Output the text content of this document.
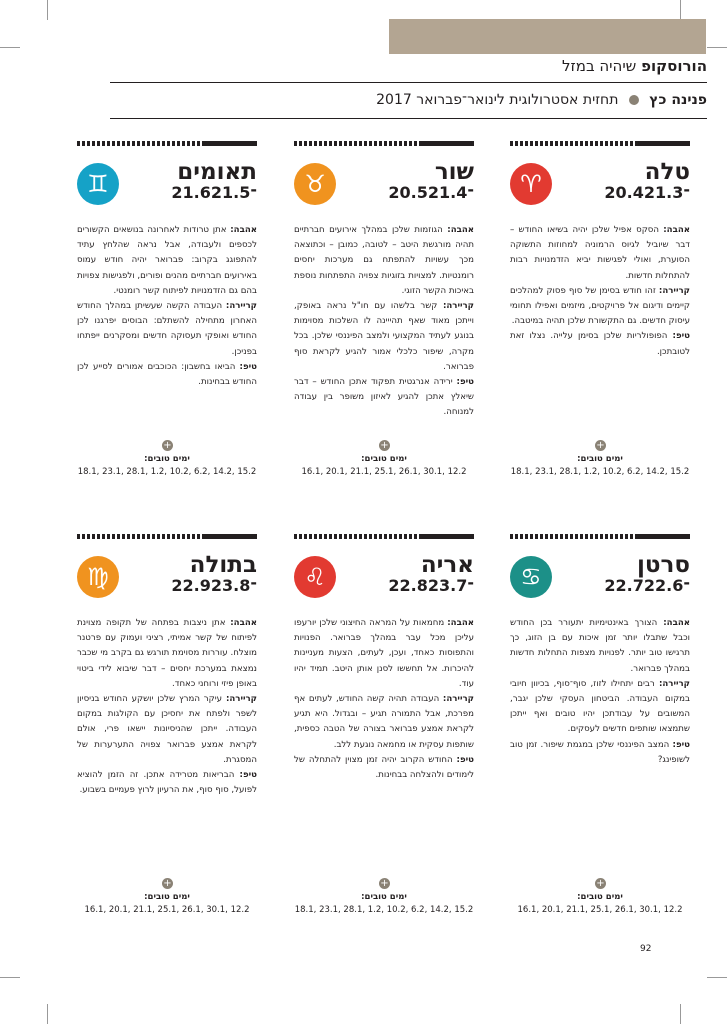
הורוסקופ שיהיה במזל
פנינה כץ  תחזית אסטרולוגית לינואר־פברואר 2017
♈	טלה
20.4־21.3

אהבה: הסקס אפיל שלכן יהיה בשיאו החודש – דבר שיוביל לגיוס הרמוניה למחוזות התשוקה הסוערת, ואולי לפגישות יביא הזדמנויות רבות להתחלות חדשות.

קריירה: זהו חודש בסימן של סוף פסוק למהלכים קיימים ודיגום אל פרויקטים, מיזמים ואפילו תחומי עיסוק חדשים. גם התקשורת שלכן תהיה במיטבה.

טיפ: הפופולריות שלכן בסימן עלייה. נצלו זאת לטובתכן.

+
ימים טובים:
15.2 ,14.2 ,6.2 ,10.2 ,1.2 ,28.1 ,23.1 ,18.1
♉	שור
20.5־21.4

אהבה: הגוזמות שלכן במהלך אירועים חברתיים תהיה מורגשת היטב – לטובה, כמובן – וכתוצאה מכך עשויות להתפתח גם מערכות יחסים רומנטיות. למצויות בזוגיות צפויה התפתחות נוספת באיכות הקשר הזוגי.

קריירה: קשר בלשהו עם חו"ל נראה באופק, וייתכן מאוד שאף תהייינה לו השלכות מסוימות בנוגע לעתיד המקצועי ולמצב הפיננסי שלכן. בכל מקרה, שיפור כלכלי אמור להגיע לקראת סוף פברואר.

טיפ: ירידה אנרגטית תפקוד אתכן החודש – דבר שיאלץ אתכן להגיע לאיזון משופר בין עבודה למנוחה.

+
ימים טובים:
12.2 ,30.1 ,26.1 ,25.1 ,21.1 ,20.1 ,16.1
♊	תאומים
21.6־21.5

אהבה: אתן טרודות לאחרונה בנושאים הקשורים לכספים ולעבודה, אבל נראה שהלחץ עתיד להתפוגג בקרוב: פברואר יהיה חודש עמוס באירועים חברתיים מהנים ופורים, ולפגישות צפויות בהם גם הזדמנויות לפיתוח קשר רומנטי.

קריירה: העבודה הקשה שעשיתן במהלך החודש האחרון מתחילה להשתלם: הבוסים יפרגנו לכן החודש ואופקי תעסוקה חדשים ומסקרנים ייפתחו בפניכן.

טיפ: הביאו בחשבון: הכוכבים אמורים לסייע לכן החודש בבחינות.

+
ימים טובים:
15.2 ,14.2 ,6.2 ,10.2 ,1.2 ,28.1 ,23.1 ,18.1
♋	סרטן
22.7־22.6

אהבה: הצורך באינטימיות יתעורר בכן החודש וכבל שתבלו יותר זמן איכות עם בן הזוג, כך תרגישו טוב יותר. לפנויות מצפות התחלות חדשות במהלך פברואר.

קריירה: רבים יתחילו לזוז, סוף־סוף, בכיוון חיובי במקום העבודה. הביטחון העסקי שלכן יגבר, המשובים על עבודתכן יהיו טובים ואף ייתכן שתמצאו שותפים חדשים לעסקים.

טיפ: המצב הפיננסי שלכן במגמת שיפור. זמן טוב לשופינג?

+
ימים טובים:
12.2 ,30.1 ,26.1 ,25.1 ,21.1 ,20.1 ,16.1
♌	אריה
22.8־23.7

אהבה: מחמאות על המראה החיצוני שלכן יורעפו עליכן מכל עבר במהלך פברואר. הפנויות והתפוסות כאחד, ועכן, לעתים, הצעות מעניינות להיכרות. אל תחששו לסנן אותן היטב. תמיד יהיו עוד.

קריירה: העבודה תהיה קשה החודש, לעתים אף מפרכת, אבל התמורה תגיע – ובגדול. היא תגיע לקראת אמצע פברואר בצורה של הטבה כספית, שותפות עסקית או מחמאה נוגעת ללב.

טיפ: החודש הקרוב יהיה זמן מצוין להתחלה של לימודים ולהצלחה בבחינות.

+
ימים טובים:
15.2 ,14.2 ,6.2 ,10.2 ,1.2 ,28.1 ,23.1 ,18.1
♍	בתולה
22.9־23.8

אהבה: אתן ניצבות בפתחה של תקופה מצוינת לפיתוח של קשר אמיתי, רציני ועמוק עם פרטנר מוצלח. עוררות מסוימת תורגש גם בקרב מי שכבר נמצאת במערכת יחסים – דבר שיבוא לידי ביטוי באופן פיזי ורוחני כאחד.

קריירה: עיקר המרץ שלכן יושקע החודש בניסיון לשפר ולפתח את יחסיכן עם הקולגות במקום העבודה. ייתכן שהניסיונות יישאו פרי, אולם לקראת אמצע פברואר צפויה התערערות של המסגרת.

טיפ: הבריאות מטרידה אתכן. זה הזמן להוציא לפועל, סוף סוף, את הרעיון לרוץ פעמיים בשבוע.

+
ימים טובים:
12.2 ,30.1 ,26.1 ,25.1 ,21.1 ,20.1 ,16.1
92
